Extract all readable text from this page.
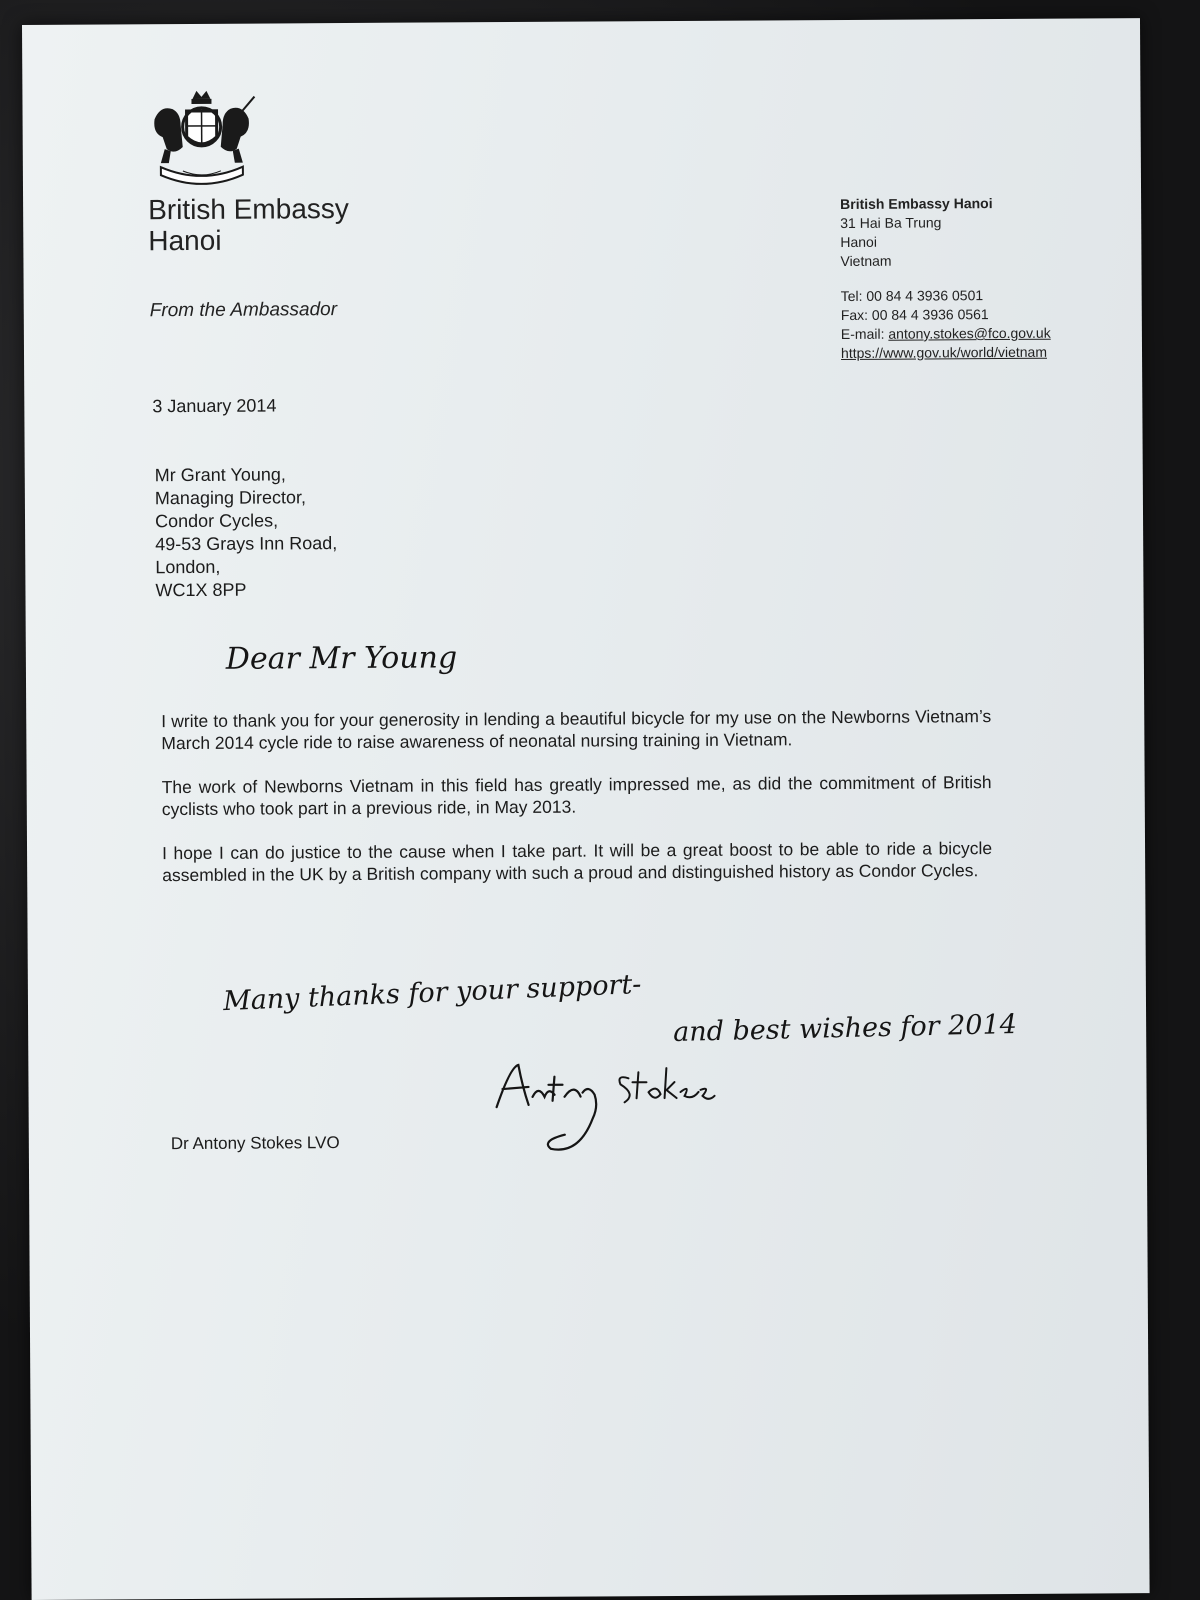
British Embassy
Hanoi
From the Ambassador
British Embassy Hanoi
31 Hai Ba Trung
Hanoi
Vietnam
Tel: 00 84 4 3936 0501
Fax: 00 84 4 3936 0561
E-mail: antony.stokes@fco.gov.uk
https://www.gov.uk/world/vietnam
3 January 2014
Mr Grant Young,
Managing Director,
Condor Cycles,
49-53 Grays Inn Road,
London,
WC1X 8PP
Dear Mr Young

I write to thank you for your generosity in lending a beautiful bicycle for my use on the Newborns Vietnam’s March 2014 cycle ride to raise awareness of neonatal nursing training in Vietnam.

The work of Newborns Vietnam in this field has greatly impressed me, as did the commitment of British cyclists who took part in a previous ride, in May 2013.

I hope I can do justice to the cause when I take part. It will be a great boost to be able to ride a bicycle assembled in the UK by a British company with such a proud and distinguished history as Condor Cycles.

Many thanks for your support-
and best wishes for 2014
Antony Stokes
Dr Antony Stokes LVO
